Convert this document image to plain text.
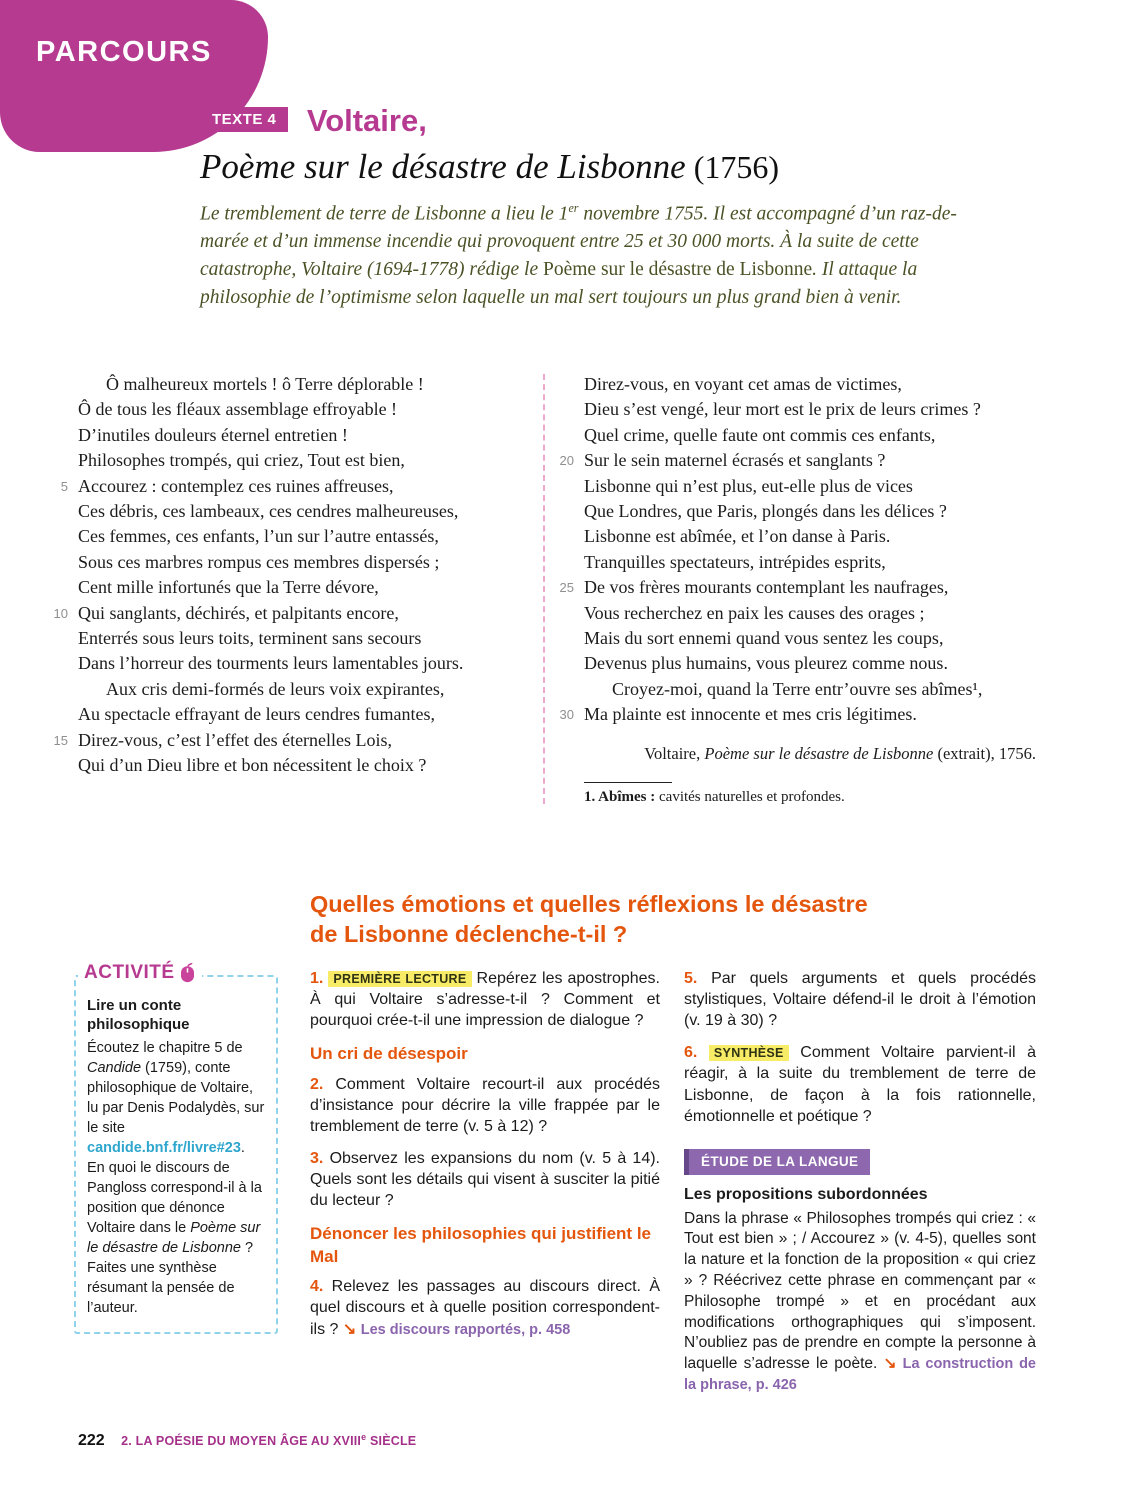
PARCOURS
TEXTE 4 Voltaire,
Poème sur le désastre de Lisbonne (1756)

Le tremblement de terre de Lisbonne a lieu le 1er novembre 1755. Il est accompagné d’un raz-de-marée et d’un immense incendie qui provoquent entre 25 et 30 000 morts. À la suite de cette catastrophe, Voltaire (1694-1778) rédige le Poème sur le désastre de Lisbonne. Il attaque la philosophie de l’optimisme selon laquelle un mal sert toujours un plus grand bien à venir.

Ô malheureux mortels ! ô Terre déplorable !
Ô de tous les fléaux assemblage effroyable !
D’inutiles douleurs éternel entretien !
Philosophes trompés, qui criez, Tout est bien,
5 Accourez : contemplez ces ruines affreuses,
Ces débris, ces lambeaux, ces cendres malheureuses,
Ces femmes, ces enfants, l’un sur l’autre entassés,
Sous ces marbres rompus ces membres dispersés ;
Cent mille infortunés que la Terre dévore,
10 Qui sanglants, déchirés, et palpitants encore,
Enterrés sous leurs toits, terminent sans secours
Dans l’horreur des tourments leurs lamentables jours.
Aux cris demi-formés de leurs voix expirantes,
Au spectacle effrayant de leurs cendres fumantes,
15 Direz-vous, c’est l’effet des éternelles Lois,
Qui d’un Dieu libre et bon nécessitent le choix ?
Direz-vous, en voyant cet amas de victimes,
Dieu s’est vengé, leur mort est le prix de leurs crimes ?
Quel crime, quelle faute ont commis ces enfants,
20 Sur le sein maternel écrasés et sanglants ?
Lisbonne qui n’est plus, eut-elle plus de vices
Que Londres, que Paris, plongés dans les délices ?
Lisbonne est abîmée, et l’on danse à Paris.
Tranquilles spectateurs, intrépides esprits,
25 De vos frères mourants contemplant les naufrages,
Vous recherchez en paix les causes des orages ;
Mais du sort ennemi quand vous sentez les coups,
Devenus plus humains, vous pleurez comme nous.
Croyez-moi, quand la Terre entr’ouvre ses abîmes¹,
30 Ma plainte est innocente et mes cris légitimes.
Voltaire, Poème sur le désastre de Lisbonne (extrait), 1756.
1. Abîmes : cavités naturelles et profondes.
Quelles émotions et quelles réflexions le désastre
de Lisbonne déclenche-t-il ?
ACTIVITÉ
Lire un conte philosophique
Écoutez le chapitre 5 de Candide (1759), conte philosophique de Voltaire, lu par Denis Podalydès, sur le site candide.bnf.fr/livre#23. En quoi le discours de Pangloss correspond-il à la position que dénonce Voltaire dans le Poème sur le désastre de Lisbonne ? Faites une synthèse résumant la pensée de l’auteur.
1. PREMIÈRE LECTURE Repérez les apostrophes. À qui Voltaire s’adresse-t-il ? Comment et pourquoi crée-t-il une impression de dialogue ?
Un cri de désespoir
2. Comment Voltaire recourt-il aux procédés d’insistance pour décrire la ville frappée par le tremblement de terre (v. 5 à 12) ?
3. Observez les expansions du nom (v. 5 à 14). Quels sont les détails qui visent à susciter la pitié du lecteur ?
Dénoncer les philosophies qui justifient le Mal
4. Relevez les passages au discours direct. À quel discours et à quelle position correspondent-ils ? ↘ Les discours rapportés, p. 458
5. Par quels arguments et quels procédés stylistiques, Voltaire défend-il le droit à l’émotion (v. 19 à 30) ?
6. SYNTHÈSE Comment Voltaire parvient-il à réagir, à la suite du tremblement de terre de Lisbonne, de façon à la fois rationnelle, émotionnelle et poétique ?
ÉTUDE DE LA LANGUE
Les propositions subordonnées
Dans la phrase « Philosophes trompés qui criez : « Tout est bien » ; / Accourez » (v. 4-5), quelles sont la nature et la fonction de la proposition « qui criez » ? Réécrivez cette phrase en commençant par « Philosophe trompé » et en procédant aux modifications orthographiques qui s’imposent. N’oubliez pas de prendre en compte la personne à laquelle s’adresse le poète. ↘ La construction de la phrase, p. 426
222 2. LA POÉSIE DU MOYEN ÂGE AU XVIIIe SIÈCLE
